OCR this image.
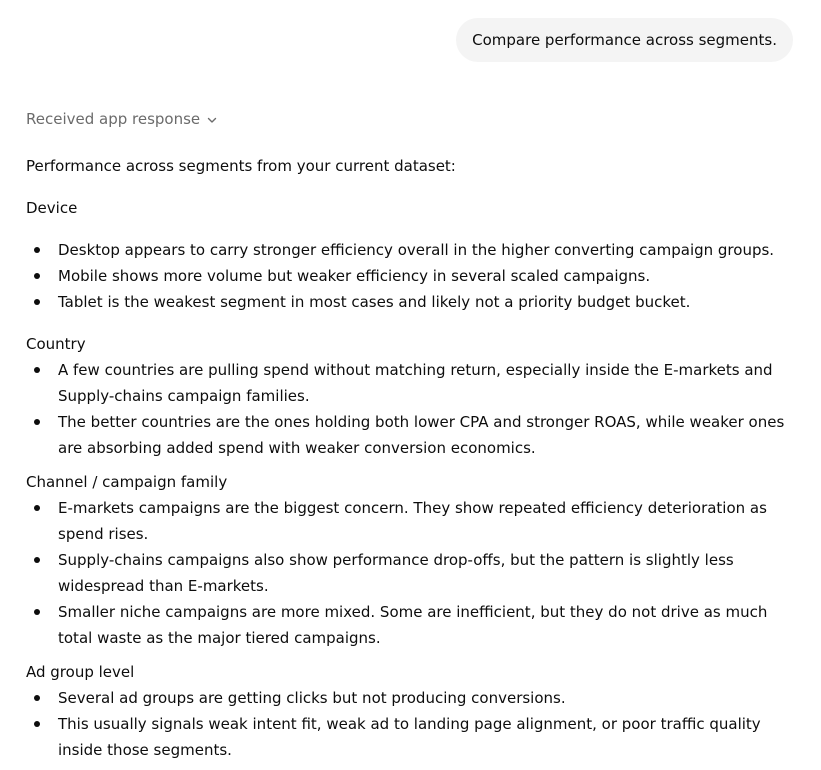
Compare performance across segments.
Received app response

Performance across segments from your current dataset:

Device
Desktop appears to carry stronger efficiency overall in the higher converting campaign groups.
Mobile shows more volume but weaker efficiency in several scaled campaigns.
Tablet is the weakest segment in most cases and likely not a priority budget bucket.
Country
A few countries are pulling spend without matching return, especially inside the E-markets and Supply-chains campaign families.
The better countries are the ones holding both lower CPA and stronger ROAS, while weaker ones are absorbing added spend with weaker conversion economics.
Channel / campaign family
E-markets campaigns are the biggest concern. They show repeated efficiency deterioration as spend rises.
Supply-chains campaigns also show performance drop-offs, but the pattern is slightly less widespread than E-markets.
Smaller niche campaigns are more mixed. Some are inefficient, but they do not drive as much total waste as the major tiered campaigns.
Ad group level
Several ad groups are getting clicks but not producing conversions.
This usually signals weak intent fit, weak ad to landing page alignment, or poor traffic quality inside those segments.
